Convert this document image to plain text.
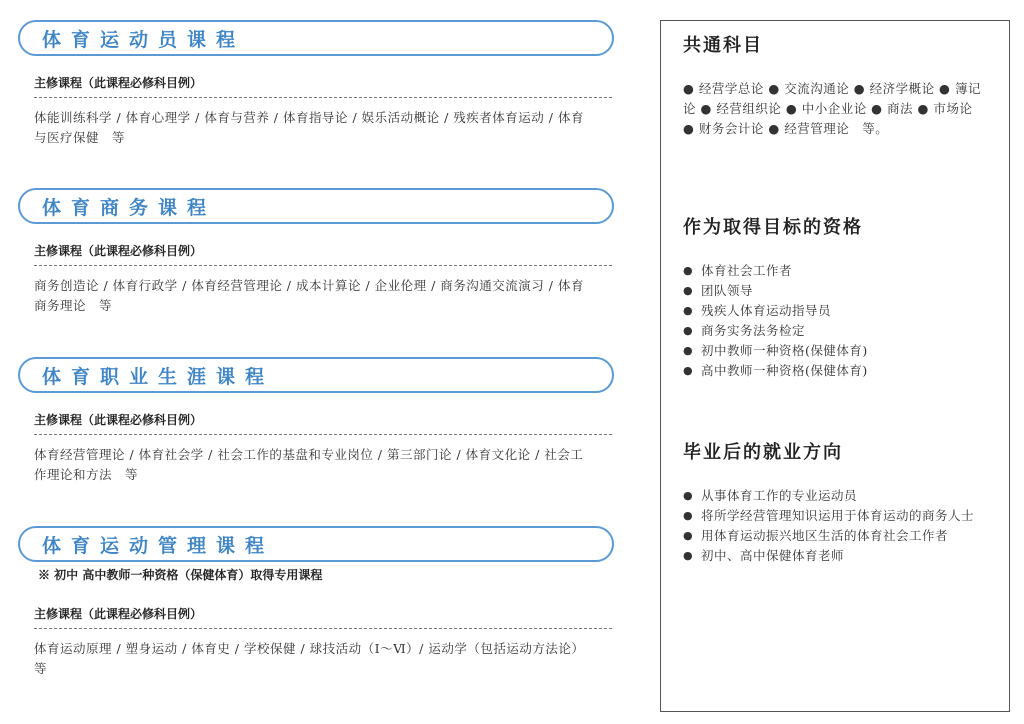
体育运动员课程
主修课程（此课程必修科目例）
体能训练科学 / 体育心理学 / 体育与营养 / 体育指导论 / 娱乐活动概论 / 残疾者体育运动 / 体育与医疗保健　等
体育商务课程
主修课程（此课程必修科目例）
商务创造论 / 体育行政学 / 体育经营管理论 / 成本计算论 / 企业伦理 / 商务沟通交流演习 / 体育商务理论　等
体育职业生涯课程
主修课程（此课程必修科目例）
体育经营管理论 / 体育社会学 / 社会工作的基盘和专业岗位 / 第三部门论 / 体育文化论 / 社会工作理论和方法　等
体育运动管理课程
※ 初中 高中教师一种资格（保健体育）取得专用课程
主修课程（此课程必修科目例）
体育运动原理 / 塑身运动 / 体育史 / 学校保健 / 球技活动（Ⅰ～Ⅵ）/ 运动学（包括运动方法论）　等
共通科目
● 经营学总论 ● 交流沟通论 ● 经济学概论 ● 簿记论 ● 经营组织论 ● 中小企业论 ● 商法 ● 市场论 ● 财务会计论 ● 经营管理论　等。
作为取得目标的资格
● 体育社会工作者
● 团队领导
● 残疾人体育运动指导员
● 商务实务法务检定
● 初中教师一种资格(保健体育)
● 高中教师一种资格(保健体育)
毕业后的就业方向
● 从事体育工作的专业运动员
● 将所学经营管理知识运用于体育运动的商务人士
● 用体育运动振兴地区生活的体育社会工作者
● 初中、高中保健体育老师
